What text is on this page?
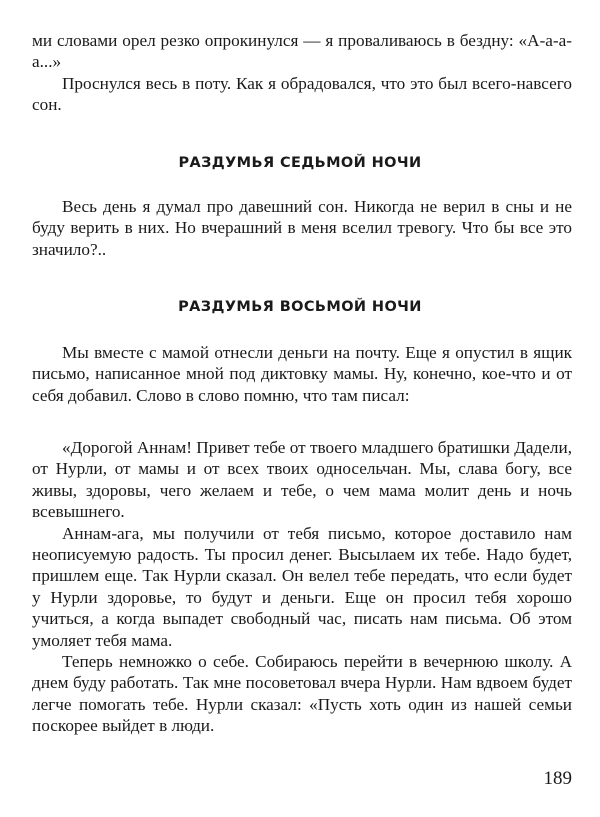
ми словами орел резко опрокинулся — я проваливаюсь в бездну: «А-а-а-а...»

Проснулся весь в поту. Как я обрадовался, что это был всего-навсего сон.

РАЗДУМЬЯ СЕДЬМОЙ НОЧИ

Весь день я думал про давешний сон. Никогда не верил в сны и не буду верить в них. Но вчерашний в меня вселил тревогу. Что бы все это значило?..

РАЗДУМЬЯ ВОСЬМОЙ НОЧИ

Мы вместе с мамой отнесли деньги на почту. Еще я опустил в ящик письмо, написанное мной под диктовку мамы. Ну, конечно, кое-что и от себя добавил. Слово в слово помню, что там писал:

«Дорогой Аннам! Привет тебе от твоего младшего братишки Дадели, от Нурли, от мамы и от всех твоих односельчан. Мы, слава богу, все живы, здоровы, чего желаем и тебе, о чем мама молит день и ночь всевышнего.

Аннам-ага, мы получили от тебя письмо, которое доставило нам неописуемую радость. Ты просил денег. Высылаем их тебе. Надо будет, пришлем еще. Так Нурли сказал. Он велел тебе передать, что если будет у Нурли здоровье, то будут и деньги. Еще он просил тебя хорошо учиться, а когда выпадет свободный час, писать нам письма. Об этом умоляет тебя мама.

Теперь немножко о себе. Собираюсь перейти в вечернюю школу. А днем буду работать. Так мне посоветовал вчера Нурли. Нам вдвоем будет легче помогать тебе. Нурли сказал: «Пусть хоть один из нашей семьи поскорее выйдет в люди.

189
